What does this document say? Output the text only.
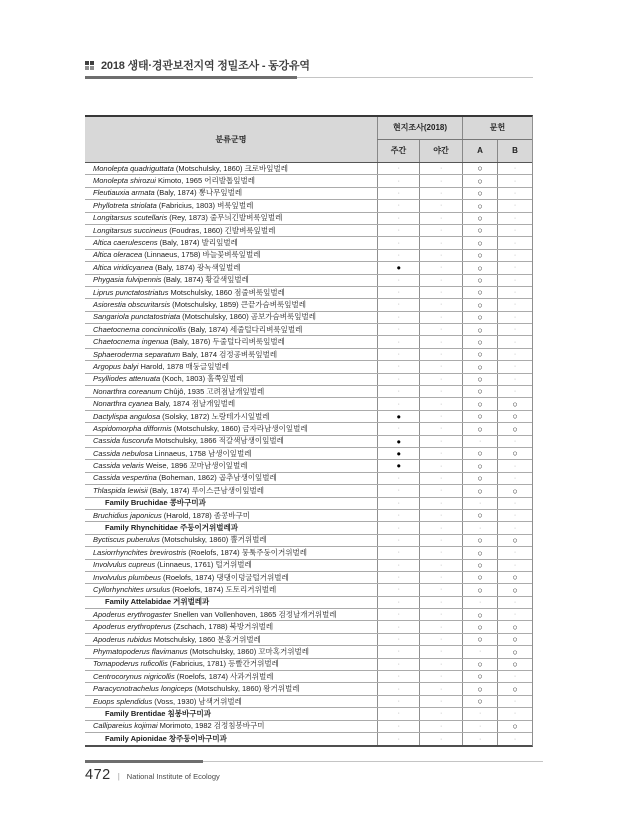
2018 생태·경관보전지역 정밀조사 - 동강유역
분류군명
현지조사(2018)	문헌
주간	야간	A	B
Monolepta quadriguttata (Motschulsky, 1860) 크로바잎벌레	·	·	○	·
Monolepta shirozui Kimoto, 1965 어리발톱잎벌레	·	·	○	·
Fleutiauxia armata (Baly, 1874) 뽕나무잎벌레	·	·	○	·
Phyllotreta striolata (Fabricius, 1803) 벼룩잎벌레	·	·	○	·
Longitarsus scutellaris (Rey, 1873) 줄무늬긴발벼룩잎벌레	·	·	○	·
Longitarsus succineus (Foudras, 1860) 긴발벼룩잎벌레	·	·	○	·
Altica caerulescens (Baly, 1874) 발리잎벌레	·	·	○	·
Altica oleracea (Linnaeus, 1758) 바늘꽃벼룩잎벌레	·	·	○	·
Altica viridicyanea (Baly, 1874) 광녹색잎벌레	●	·	○	·
Phygasia fulvipennis (Baly, 1874) 황갈색잎벌레	·	·	○	·
Liprus punctatostriatus Motschulsky, 1860 점줄벼룩잎벌레	·	·	○	·
Asiorestia obscuritarsis (Motschulsky, 1859) 큰끝가슴벼룩잎벌레	·	·	○	·
Sangariola punctatostriata (Motschulsky, 1860) 곰보가슴벼룩잎벌레	·	·	○	·
Chaetocnema concinnicollis (Baly, 1874) 세줄털다리벼룩잎벌레	·	·	○	·
Chaetocnema ingenua (Baly, 1876) 두줄털다리벼룩잎벌레	·	·	○	·
Sphaeroderma separatum Baly, 1874 검정공벼룩잎벌레	·	·	○	·
Argopus balyi Harold, 1878 매둥글잎벌레	·	·	○	·
Psylliodes attenuata (Koch, 1803) 홀쭉잎벌레	·	·	○	·
Nonarthra coreanum Chûjô, 1935 고려점날개잎벌레	·	·	○	·
Nonarthra cyanea Baly, 1874 점날개잎벌레	·	·	○	○
Dactylispa angulosa (Solsky, 1872) 노랑테가시잎벌레	●	·	○	○
Aspidomorpha difformis (Motschulsky, 1860) 금자라남생이잎벌레	·	·	○	○
Cassida fuscorufa Motschulsky, 1866 적갈색남생이잎벌레	●	·	·	·
Cassida nebulosa Linnaeus, 1758 남생이잎벌레	●	·	○	○
Cassida velaris Weise, 1896 꼬마남생이잎벌레	●	·	○	·
Cassida vespertina (Boheman, 1862) 곱추남생이잎벌레	·	·	○	·
Thlaspida lewisii (Baly, 1874) 루이스큰남생이잎벌레	·	·	○	○
Family Bruchidae 콩바구미과	·	·	·	·
Bruchidius japonicus (Harold, 1878) 좀콩바구미	·	·	○	·
Family Rhynchitidae 주둥이거위벌레과	·	·	·	·
Byctiscus puberulus (Motschulsky, 1860) 뿔거위벌레	·	·	○	○
Lasiorrhynchites brevirostris (Roelofs, 1874) 뭉툭주둥이거위벌레	·	·	○	·
Involvulus cupreus (Linnaeus, 1761) 털거위벌레	·	·	○	·
Involvulus plumbeus (Roelofs, 1874) 댕댕이덩굴털거위벌레	·	·	○	○
Cyllorhynchites ursulus (Roelofs, 1874) 도토리거위벌레	·	·	○	○
Family Attelabidae 거위벌레과	·	·	·	·
Apoderus erythrogaster Snellen van Vollenhoven, 1865 검정날개거위벌레	·	·	○	·
Apoderus erythropterus (Zschach, 1788) 북방거위벌레	·	·	○	○
Apoderus rubidus Motschulsky, 1860 분홍거위벌레	·	·	○	○
Phymatopoderus flavimanus (Motschulsky, 1860) 꼬마혹거위벌레	·	·	·	○
Tomapoderus ruficollis (Fabricius, 1781) 등빨간거위벌레	·	·	○	○
Centrocorynus nigricollis (Roelofs, 1874) 사과거위벌레	·	·	○	·
Paracycnotrachelus longiceps (Motschulsky, 1860) 왕거위벌레	·	·	○	○
Euops splendidus (Voss, 1930) 남색거위벌레	·	·	○	·
Family Brentidae 침봉바구미과	·	·	·	·
Callipareius kojimai Morimoto, 1982 검정침봉바구미	·	·	·	○
Family Apionidae 창주둥이바구미과	·	·	·	·
472 | National Institute of Ecology
